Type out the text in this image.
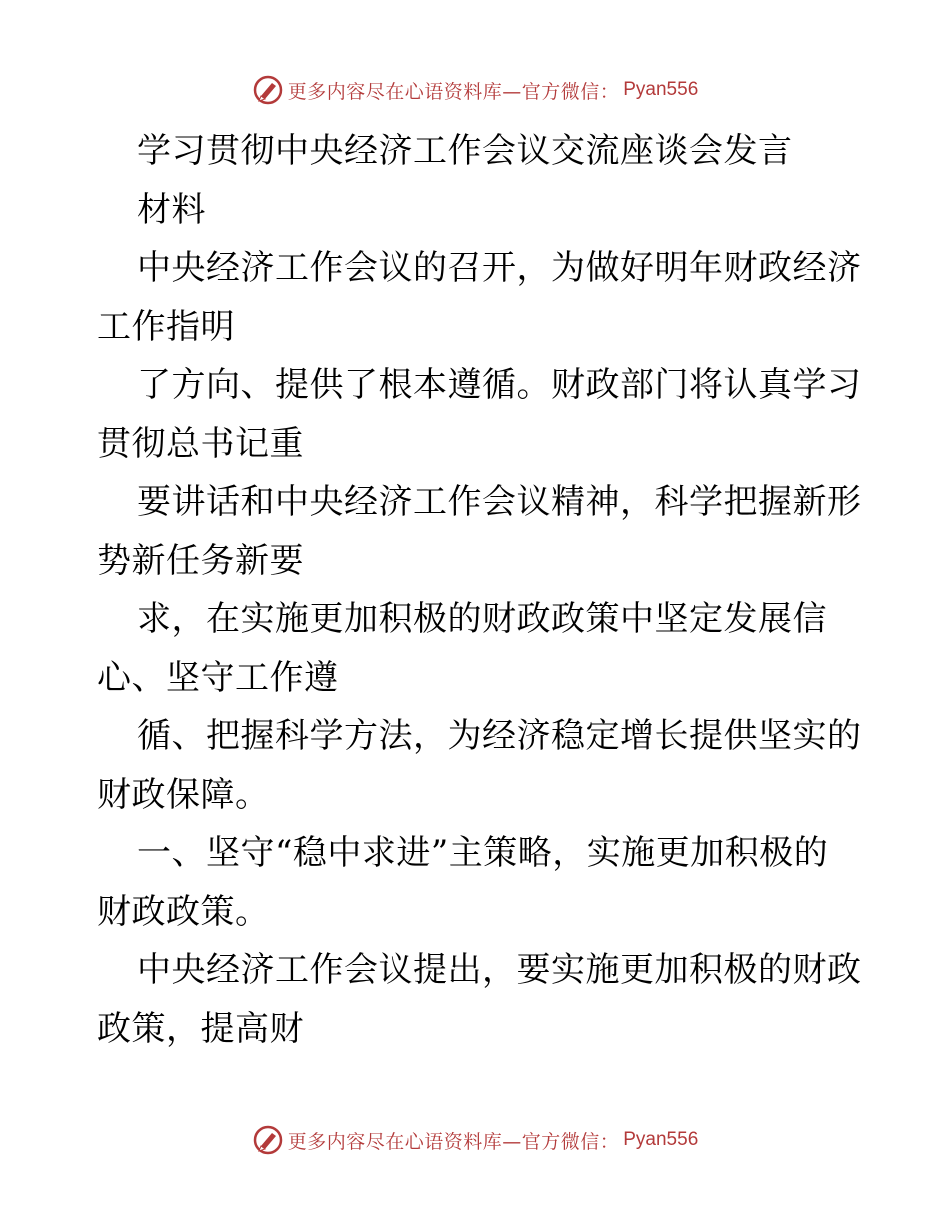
更多内容尽在心语资料库—官方微信： Pyan556
学习贯彻中央经济工作会议交流座谈会发言
材料
中央经济工作会议的召开，为做好明年财政经济
工作指明
了方向、提供了根本遵循。财政部门将认真学习
贯彻总书记重
要讲话和中央经济工作会议精神，科学把握新形
势新任务新要
求，在实施更加积极的财政政策中坚定发展信
心、坚守工作遵
循、把握科学方法，为经济稳定增长提供坚实的
财政保障。
一、坚守“稳中求进”主策略，实施更加积极的
财政政策。
中央经济工作会议提出，要实施更加积极的财政
政策，提高财
更多内容尽在心语资料库—官方微信： Pyan556
